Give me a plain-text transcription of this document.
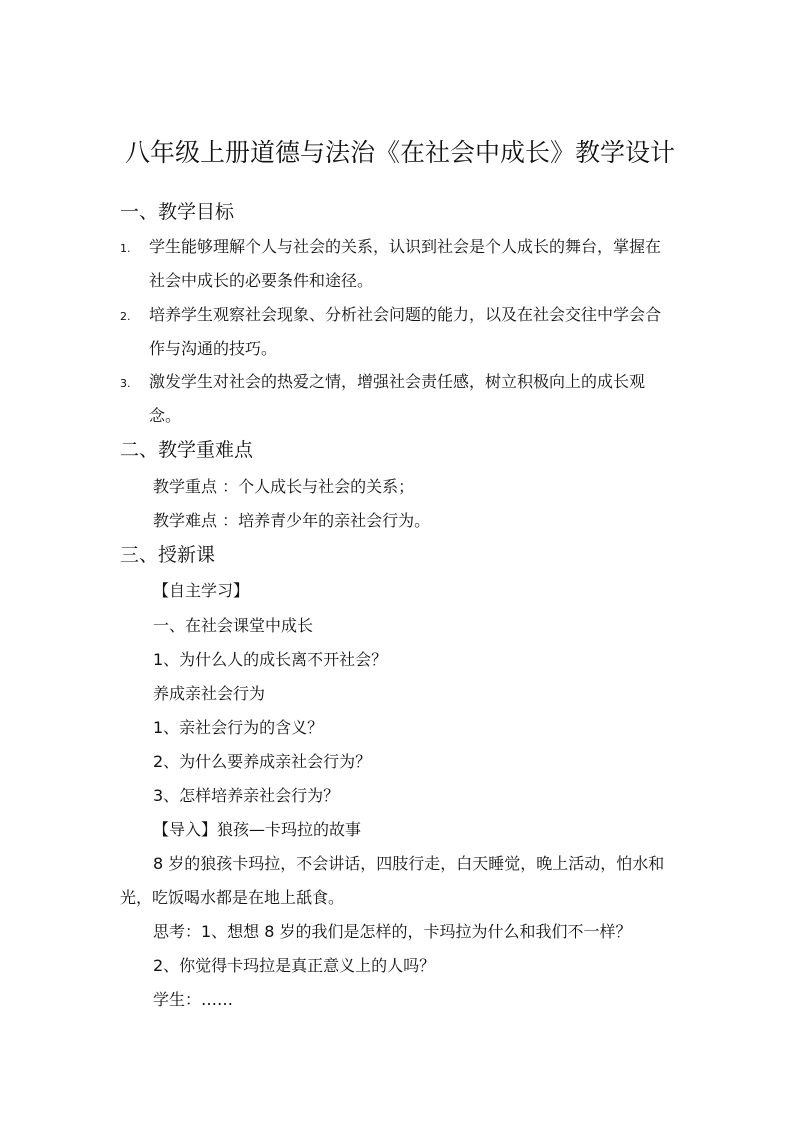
八年级上册道德与法治《在社会中成长》教学设计
一、教学目标
1. 学生能够理解个人与社会的关系，认识到社会是个人成长的舞台，掌握在
社会中成长的必要条件和途径。
2. 培养学生观察社会现象、分析社会问题的能力，以及在社会交往中学会合
作与沟通的技巧。
3. 激发学生对社会的热爱之情，增强社会责任感，树立积极向上的成长观
念。
二、教学重难点
教学重点 ：个人成长与社会的关系；
教学难点 ：培养青少年的亲社会行为。
三、授新课
【自主学习】
一、在社会课堂中成长
1、为什么人的成长离不开社会？
养成亲社会行为
1、亲社会行为的含义？
2、为什么要养成亲社会行为？
3、怎样培养亲社会行为？
【导入】狼孩—卡玛拉的故事
8 岁的狼孩卡玛拉，不会讲话，四肢行走，白天睡觉，晚上活动，怕水和
光，吃饭喝水都是在地上舐食。
思考：1、想想 8 岁的我们是怎样的，卡玛拉为什么和我们不一样？
2、你觉得卡玛拉是真正意义上的人吗？
学生：……
